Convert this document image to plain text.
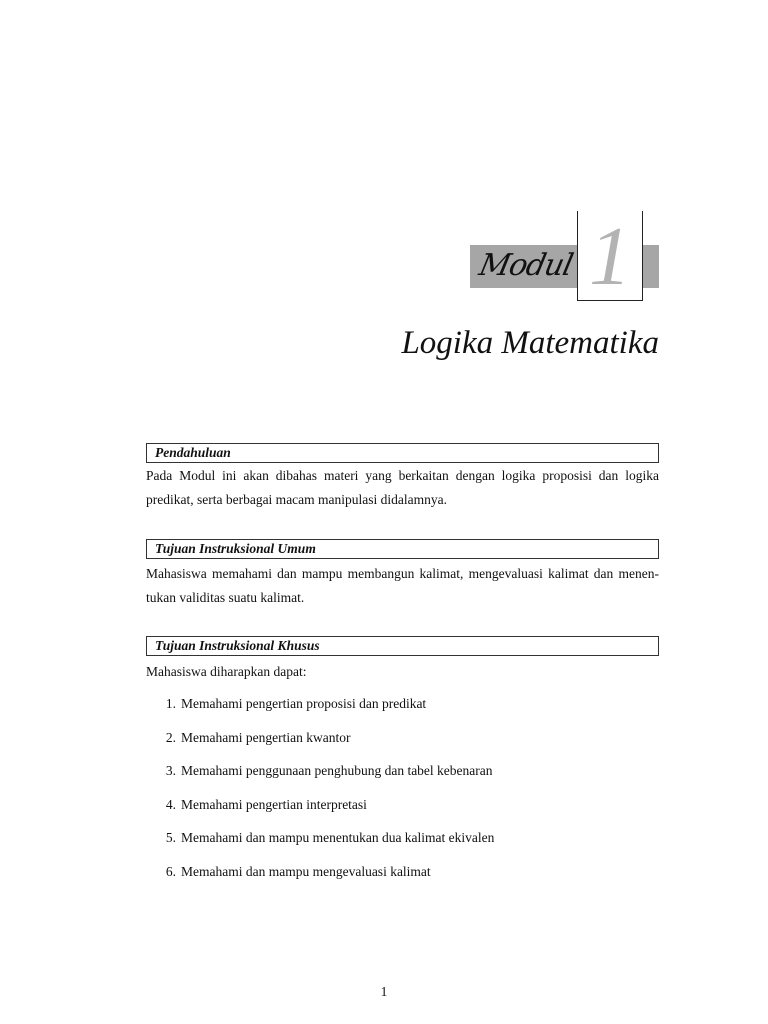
Modul 1
Logika Matematika
Pendahuluan
Pada Modul ini akan dibahas materi yang berkaitan dengan logika proposisi dan logika
predikat, serta berbagai macam manipulasi didalamnya.
Tujuan Instruksional Umum
Mahasiswa memahami dan mampu membangun kalimat, mengevaluasi kalimat dan menen-
tukan validitas suatu kalimat.
Tujuan Instruksional Khusus
Mahasiswa diharapkan dapat:
1. Memahami pengertian proposisi dan predikat
2. Memahami pengertian kwantor
3. Memahami penggunaan penghubung dan tabel kebenaran
4. Memahami pengertian interpretasi
5. Memahami dan mampu menentukan dua kalimat ekivalen
6. Memahami dan mampu mengevaluasi kalimat
1
